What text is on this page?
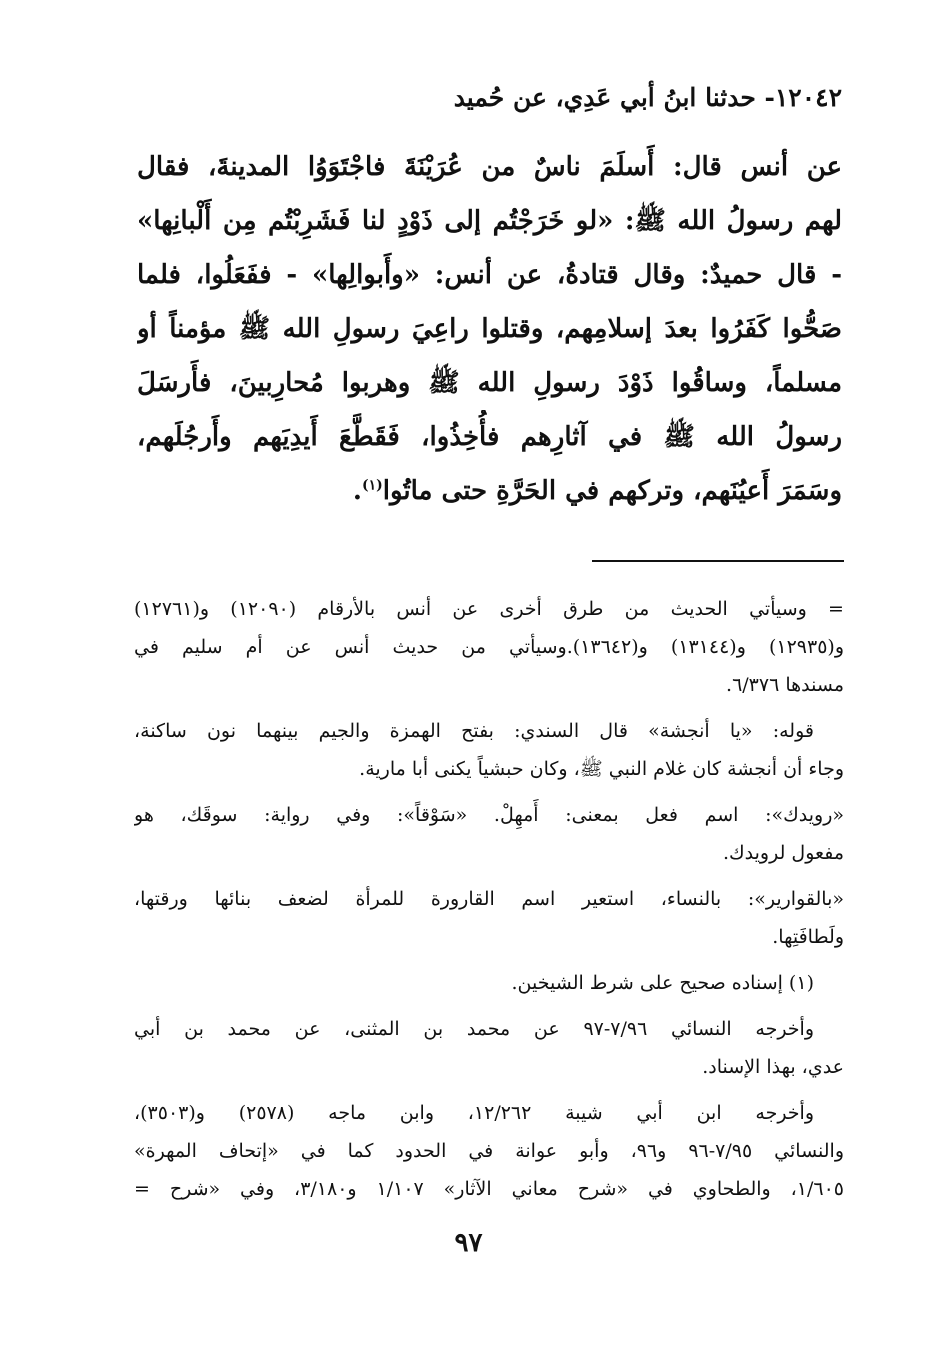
١٢٠٤٢- حدثنا ابنُ أبي عَدِي، عن حُميد
عن أنس قال: أَسلَمَ ناسٌ من عُرَيْنَةَ فاجْتَوَوُا المدينةَ، فقال
لهم رسولُ الله ﷺ: «لو خَرَجْتُم إلى ذَوْدٍ لنا فَشَرِبْتُم مِن أَلْبانِها»
- قال حميدٌ: وقال قتادةُ، عن أنس: «وأَبوالِها» - ففَعَلُوا، فلما
صَحُّوا كَفَرُوا بعدَ إسلامِهم، وقتلوا راعِيَ رسولِ الله ﷺ مؤمناً أو
مسلماً، وساقُوا ذَوْدَ رسولِ الله ﷺ وهربوا مُحارِبينَ، فأَرسَلَ
رسولُ الله ﷺ في آثارِهم فأُخِذُوا، فَقَطَّعَ أَيدِيَهم وأَرجُلَهم،
وسَمَرَ أَعيُنَهم، وتركهم في الحَرَّةِ حتى ماتُوا$^{(١)}$.
= وسيأتي الحديث من طرق أخرى عن أنس بالأرقام (١٢٠٩٠) و(١٢٧٦١)
و(١٢٩٣٥) و(١٣١٤٤) و(١٣٦٤٢).وسيأتي من حديث أنس عن أم سليم في
مسندها ٦/٣٧٦.
قوله: «يا أنجشة» قال السندي: بفتح الهمزة والجيم بينهما نون ساكنة،
وجاء أن أنجشة كان غلام النبي ﷺ، وكان حبشياً يكنى أبا مارية.
«رويدك»: اسم فعل بمعنى: أَمهِلْ. «سَوْقاً»: وفي رواية: سوقَك، هو
مفعول لرويدك.
«بالقوارير»: بالنساء، استعير اسم القارورة للمرأة لضعف بنائها ورقتها،
ولَطافَتِها.
(١) إسناده صحيح على شرط الشيخين.
وأخرجه النسائي ٧/٩٦-٩٧ عن محمد بن المثنى، عن محمد بن أبي
عدي، بهذا الإسناد.
وأخرجه ابن أبي شيبة ١٢/٢٦٢، وابن ماجه (٢٥٧٨) و(٣٥٠٣)،
والنسائي ٧/٩٥-٩٦ و٩٦، وأبو عوانة في الحدود كما في «إتحاف المهرة»
١/٦٠٥، والطحاوي في «شرح معاني الآثار» ١/١٠٧ و٣/١٨٠، وفي «شرح =
٩٧
